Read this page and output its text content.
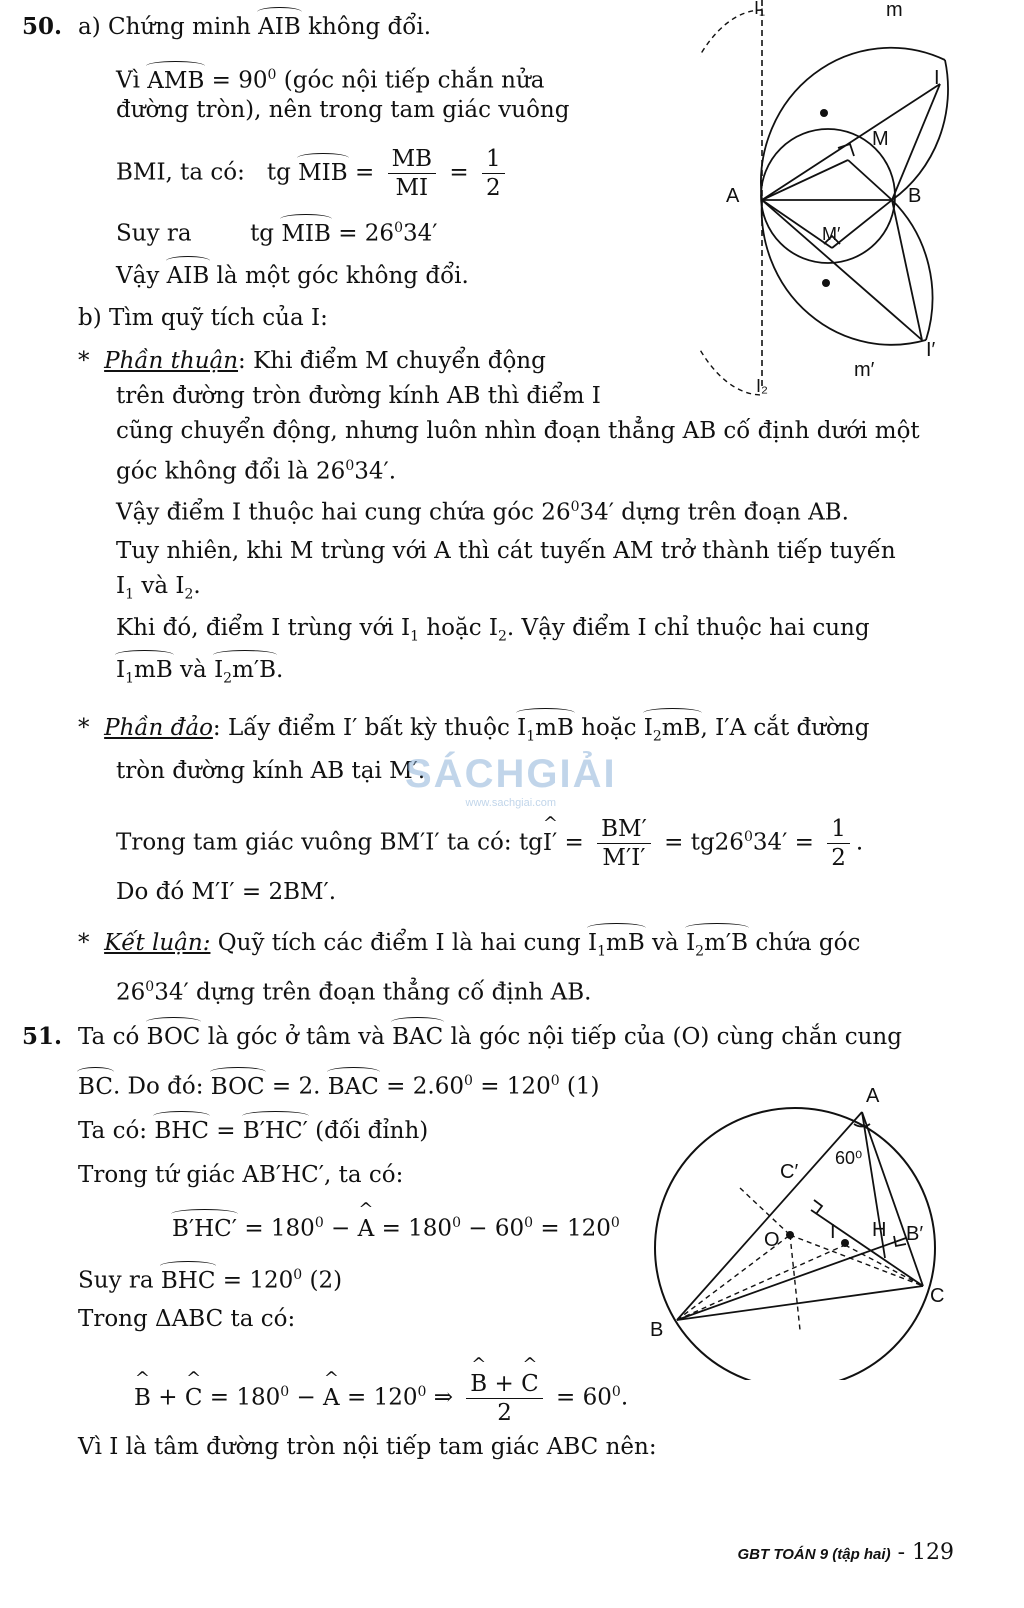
50. a) Chứng minh AIB không đổi.
Vì AMB = $90^0$ (góc nội tiếp chắn nửa
đường tròn), nên trong tam giác vuông
BMI, ta có:   tg MIB = $\frac{MB}{MI} = \frac{1}{2}$
Suy ra        tg MIB = $26^034'$
Vậy AIB là một góc không đổi.
b) Tìm quỹ tích của I:
*  Phần thuận: Khi điểm M chuyển động
trên đường tròn đường kính AB thì điểm I
cũng chuyển động, nhưng luôn nhìn đoạn thẳng AB cố định dưới một
góc không đổi là $26^034'$.
Vậy điểm I thuộc hai cung chứa góc $26^034'$ dựng trên đoạn AB.
Tuy nhiên, khi M trùng với A thì cát tuyến AM trở thành tiếp tuyến
$I_1$ và $I_2$.
Khi đó, điểm I trùng với $I_1$ hoặc $I_2$. Vậy điểm I chỉ thuộc hai cung
$I_1mB$ và $I_2m'B$.
*  Phần đảo: Lấy điểm I′ bất kỳ thuộc $I_1mB$ hoặc $I_2mB$, I′A cắt đường
tròn đường kính AB tại M′.
Trong tam giác vuông BM′I′ ta có: tg^ $I' = \frac{BM'}{M'I'} = tg26^034' = \frac{1}{2}$ .
Do đó M′I′ = 2BM′.
*  Kết luận: Quỹ tích các điểm I là hai cung $I_1mB$ và $I_2m'B$ chứa góc
$26^034'$ dựng trên đoạn thẳng cố định AB.
51. Ta có BOC là góc ở tâm và BAC là góc nội tiếp của (O) cùng chắn cung
BC. Do đó: BOC = 2. BAC = $2.60^0 = 120^0$ (1)
Ta có: BHC = B′HC′ (đối đỉnh)
Trong tứ giác AB′HC′, ta có:
$B'HC' = 180^0$ − ^ $A = 180^0 - 60^0 = 120^0$
Suy ra BHC = $120^0$ (2)
Trong ΔABC ta có:
^ B + ^ $C = 180^0$ − ^ $A = 120^0$ ⇒
^ $\frac{B + \^{} C}{2} = 60^0$.
Vì I là tâm đường tròn nội tiếp tam giác ABC nên:
I₁	m
I
M
A	B
M′
I′
m′
I₂
A
60⁰
C′
O	I H B′
C
B
SÁCHGIẢI
www.sachgiai.com
GBT TOÁN 9 (tập hai) - 129
